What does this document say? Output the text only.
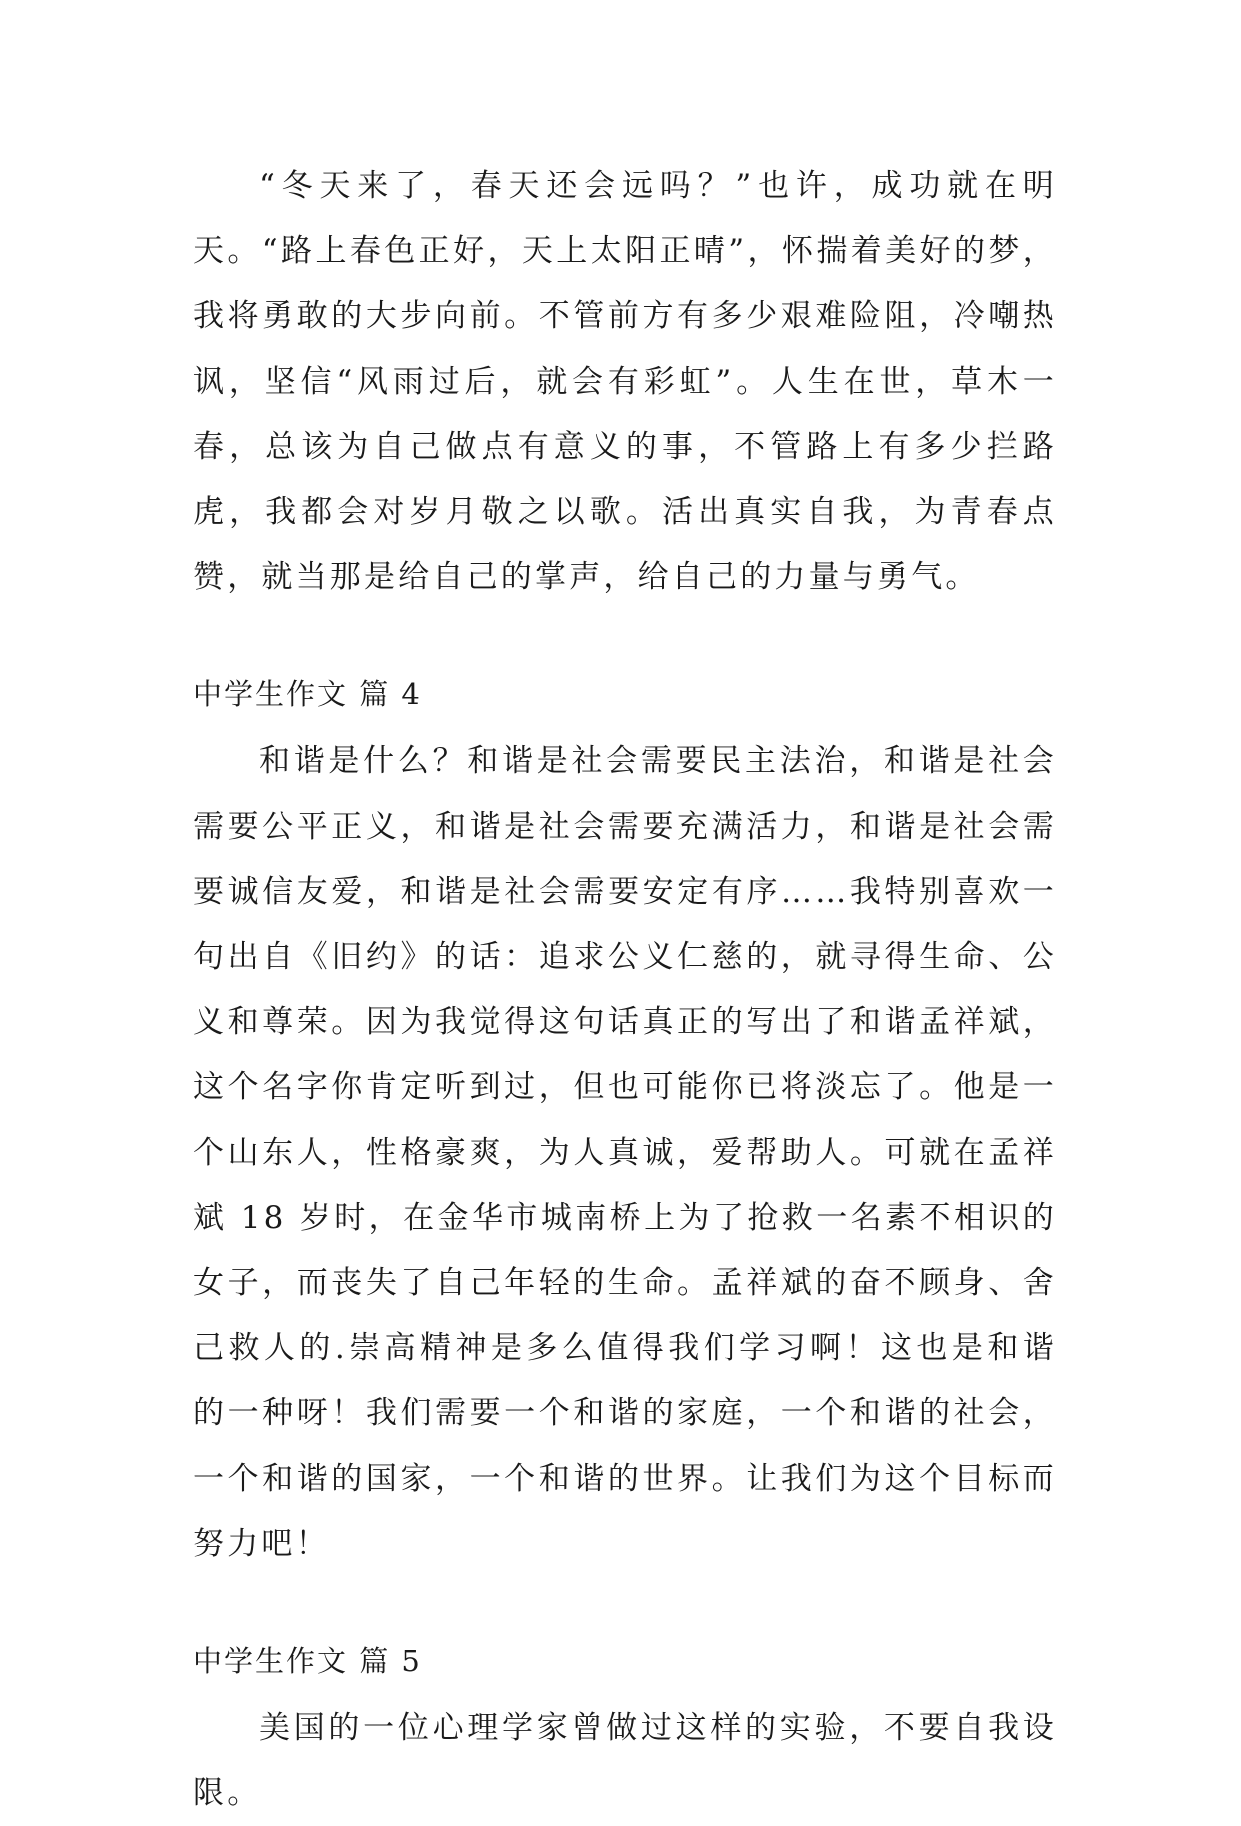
“冬天来了，春天还会远吗？”也许，成功就在明天。“路上春色正好，天上太阳正晴”，怀揣着美好的梦，我将勇敢的大步向前。不管前方有多少艰难险阻，冷嘲热讽，坚信“风雨过后，就会有彩虹”。人生在世，草木一春，总该为自己做点有意义的事，不管路上有多少拦路虎，我都会对岁月敬之以歌。活出真实自我，为青春点赞，就当那是给自己的掌声，给自己的力量与勇气。

中学生作文 篇 4

和谐是什么？和谐是社会需要民主法治，和谐是社会需要公平正义，和谐是社会需要充满活力，和谐是社会需要诚信友爱，和谐是社会需要安定有序……我特别喜欢一句出自《旧约》的话：追求公义仁慈的，就寻得生命、公义和尊荣。因为我觉得这句话真正的写出了和谐孟祥斌，这个名字你肯定听到过，但也可能你已将淡忘了。他是一个山东人，性格豪爽，为人真诚，爱帮助人。可就在孟祥斌 18 岁时，在金华市城南桥上为了抢救一名素不相识的女子，而丧失了自己年轻的生命。孟祥斌的奋不顾身、舍己救人的.崇高精神是多么值得我们学习啊！这也是和谐的一种呀！我们需要一个和谐的家庭，一个和谐的社会，一个和谐的国家，一个和谐的世界。让我们为这个目标而努力吧！

中学生作文 篇 5

美国的一位心理学家曾做过这样的实验，不要自我设限。
